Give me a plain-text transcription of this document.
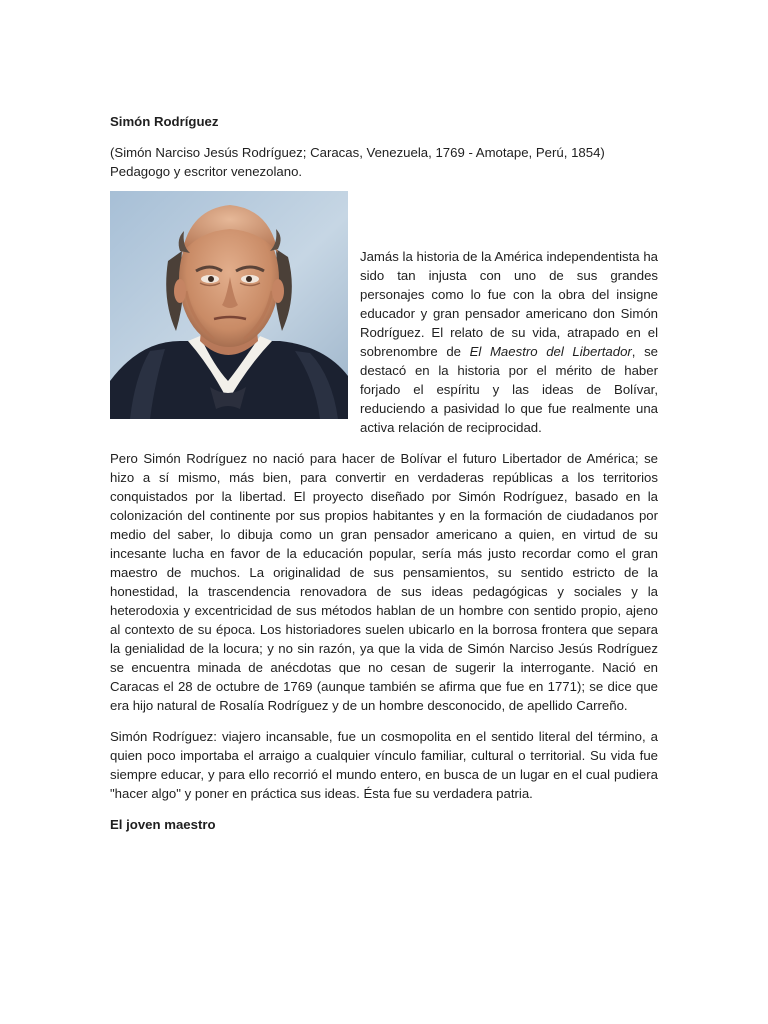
Simón Rodríguez
(Simón Narciso Jesús Rodríguez; Caracas, Venezuela, 1769 - Amotape, Perú, 1854) Pedagogo y escritor venezolano.

Jamás la historia de la América independentista ha sido tan injusta con uno de sus grandes personajes como lo fue con la obra del insigne educador y gran pensador americano don Simón Rodríguez. El relato de su vida, atrapado en el sobrenombre de El Maestro del Libertador, se destacó en la historia por el mérito de haber forjado el espíritu y las ideas de Bolívar, reduciendo a pasividad lo que fue realmente una activa relación de reciprocidad.

Pero Simón Rodríguez no nació para hacer de Bolívar el futuro Libertador de América; se hizo a sí mismo, más bien, para convertir en verdaderas repúblicas a los territorios conquistados por la libertad. El proyecto diseñado por Simón Rodríguez, basado en la colonización del continente por sus propios habitantes y en la formación de ciudadanos por medio del saber, lo dibuja como un gran pensador americano a quien, en virtud de su incesante lucha en favor de la educación popular, sería más justo recordar como el gran maestro de muchos. La originalidad de sus pensamientos, su sentido estricto de la honestidad, la trascendencia renovadora de sus ideas pedagógicas y sociales y la heterodoxia y excentricidad de sus métodos hablan de un hombre con sentido propio, ajeno al contexto de su época. Los historiadores suelen ubicarlo en la borrosa frontera que separa la genialidad de la locura; y no sin razón, ya que la vida de Simón Narciso Jesús Rodríguez se encuentra minada de anécdotas que no cesan de sugerir la interrogante. Nació en Caracas el 28 de octubre de 1769 (aunque también se afirma que fue en 1771); se dice que era hijo natural de Rosalía Rodríguez y de un hombre desconocido, de apellido Carreño.

Simón Rodríguez: viajero incansable, fue un cosmopolita en el sentido literal del término, a quien poco importaba el arraigo a cualquier vínculo familiar, cultural o territorial. Su vida fue siempre educar, y para ello recorrió el mundo entero, en busca de un lugar en el cual pudiera "hacer algo" y poner en práctica sus ideas. Ésta fue su verdadera patria.

El joven maestro
